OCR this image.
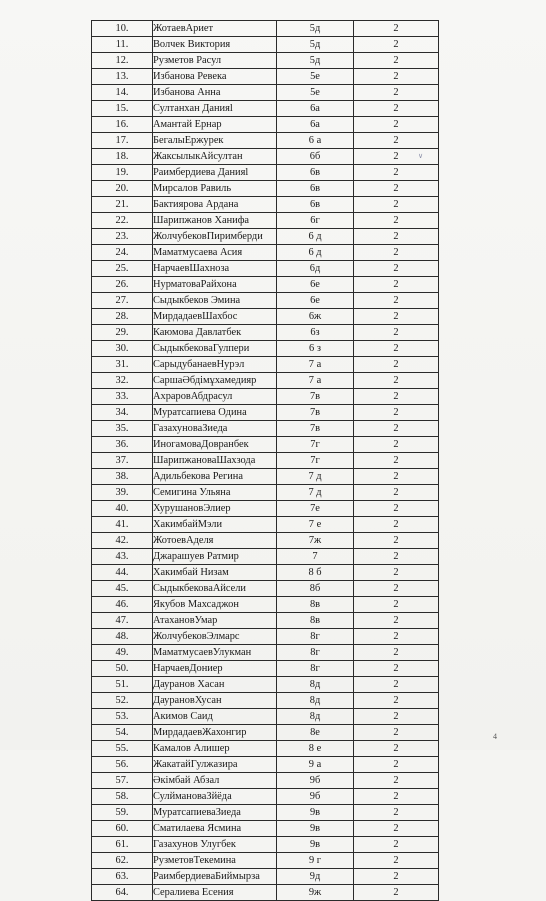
10.	ЖотаевАриет	5д	2
11.	Волчек Виктория	5д	2
12.	Рузметов Расул	5д	2
13.	Избанова Ревека	5е	2
14.	Избанова Анна	5е	2
15.	Султанхан Данияl	6а	2
16.	Амантай Ернар	6а	2
17.	БегалыЕржурек	6 а	2
18.	ЖаксылыкАйсултан	6б	2
19.	Раимбердиева Данияl	6в	2
20.	Мирсалов Равиль	6в	2
21.	Бактиярова Ардана	6в	2
22.	Шарипжанов Ханифа	6г	2
23.	ЖолчубековПиримберди	6 д	2
24.	Маматмусаева Асия	6 д	2
25.	НарчаевШахноза	6д	2
26.	НурматоваРайхона	6е	2
27.	Сыдыкбеков Эмина	6е	2
28.	МирдадаевШахбос	6ж	2
29.	Каюмова Давлатбек	6з	2
30.	СыдыкбековаГулпери	6 з	2
31.	СарыдубанаевНурэл	7 а	2
32.	СаршаӘбдімұхамедияр	7 а	2
33.	АхраровАбдрасул	7в	2
34.	Муратсапиева Одина	7в	2
35.	ГазахуноваЗиеда	7в	2
36.	ИногамоваДовранбек	7г	2
37.	ШарипжановаШахзода	7г	2
38.	Адильбекова Регина	7 д	2
39.	Семигина Ульяна	7 д	2
40.	ХурушановЭлиер	7е	2
41.	ХакимбайМэли	7 е	2
42.	ЖотоевАделя	7ж	2
43.	Джарашуев Ратмир	7	2
44.	Хакимбай Низам	8 б	2
45.	СыдыкбековаАйсели	8б	2
46.	Якубов Махсаджон	8в	2
47.	АтахановУмар	8в	2
48.	ЖолчубековЭлмарс	8г	2
49.	МаматмусаевУлукман	8г	2
50.	НарчаевДониер	8г	2
51.	Дауранов Хасан	8д	2
52.	ДаурановХусан	8д	2
53.	Акимов Саид	8д	2
54.	МирдадаевЖахонгир	8е	2
55.	Камалов Алишер	8 е	2
56.	ЖакатайГулжазира	9 а	2
57.	Әкімбай Абзал	9б	2
58.	СулймановаЗйёда	9б	2
59.	МуратсапиеваЗиеда	9в	2
60.	Сматилаева Ясмина	9в	2
61.	Газахунов Улугбек	9в	2
62.	РузметовТекемина	9 г	2
63.	РаимбердиеваБиймырза	9д	2
64.	Сералиева Есения	9ж	2
∨
4
